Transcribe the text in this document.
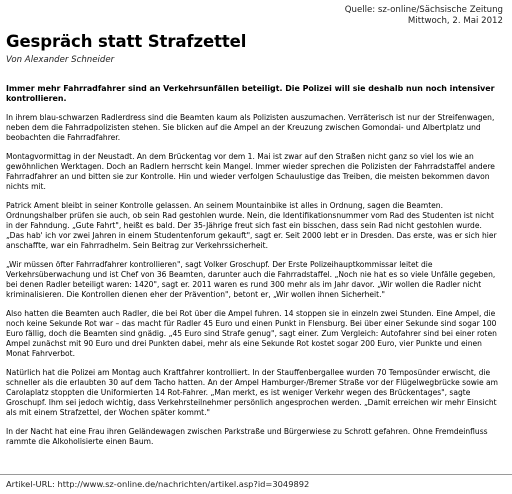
Quelle: sz-online/Sächsische Zeitung
Mittwoch, 2. Mai 2012
Gespräch statt Strafzettel
Von Alexander Schneider

Immer mehr Fahrradfahrer sind an Verkehrsunfällen beteiligt. Die Polizei will sie deshalb nun noch intensiver kontrollieren.

In ihrem blau-schwarzen Radlerdress sind die Beamten kaum als Polizisten auszumachen. Verräterisch ist nur der Streifenwagen, neben dem die Fahrradpolizisten stehen. Sie blicken auf die Ampel an der Kreuzung zwischen Gomondai- und Albertplatz und beobachten die Fahrradfahrer.

Montagvormittag in der Neustadt. An dem Brückentag vor dem 1. Mai ist zwar auf den Straßen nicht ganz so viel los wie an gewöhnlichen Werktagen. Doch an Radlern herrscht kein Mangel. Immer wieder sprechen die Polizisten der Fahrradstaffel andere Fahrradfahrer an und bitten sie zur Kontrolle. Hin und wieder verfolgen Schaulustige das Treiben, die meisten bekommen davon nichts mit.

Patrick Ament bleibt in seiner Kontrolle gelassen. An seinem Mountainbike ist alles in Ordnung, sagen die Beamten. Ordnungshalber prüfen sie auch, ob sein Rad gestohlen wurde. Nein, die Identifikationsnummer vom Rad des Studenten ist nicht in der Fahndung. „Gute Fahrt", heißt es bald. Der 35-Jährige freut sich fast ein bisschen, dass sein Rad nicht gestohlen wurde. „Das hab' ich vor zwei Jahren in einem Studentenforum gekauft", sagt er. Seit 2000 lebt er in Dresden. Das erste, was er sich hier anschaffte, war ein Fahrradhelm. Sein Beitrag zur Verkehrssicherheit.

„Wir müssen öfter Fahrradfahrer kontrollieren", sagt Volker Groschupf. Der Erste Polizeihauptkommissar leitet die Verkehrsüberwachung und ist Chef von 36 Beamten, darunter auch die Fahrradstaffel. „Noch nie hat es so viele Unfälle gegeben, bei denen Radler beteiligt waren: 1420", sagt er. 2011 waren es rund 300 mehr als im Jahr davor. „Wir wollen die Radler nicht kriminalisieren. Die Kontrollen dienen eher der Prävention", betont er, „Wir wollen ihnen Sicherheit."

Also hatten die Beamten auch Radler, die bei Rot über die Ampel fuhren. 14 stoppen sie in einzeln zwei Stunden. Eine Ampel, die noch keine Sekunde Rot war – das macht für Radler 45 Euro und einen Punkt in Flensburg. Bei über einer Sekunde sind sogar 100 Euro fällig, doch die Beamten sind gnädig. „45 Euro sind Strafe genug", sagt einer. Zum Vergleich: Autofahrer sind bei einer roten Ampel zunächst mit 90 Euro und drei Punkten dabei, mehr als eine Sekunde Rot kostet sogar 200 Euro, vier Punkte und einen Monat Fahrverbot.

Natürlich hat die Polizei am Montag auch Kraftfahrer kontrolliert. In der Stauffenbergallee wurden 70 Temposünder erwischt, die schneller als die erlaubten 30 auf dem Tacho hatten. An der Ampel Hamburger-/Bremer Straße vor der Flügelwegbrücke sowie am Carolaplatz stoppten die Uniformierten 14 Rot-Fahrer. „Man merkt, es ist weniger Verkehr wegen des Brückentages", sagte Groschupf. Ihm sei jedoch wichtig, dass Verkehrsteilnehmer persönlich angesprochen werden. „Damit erreichen wir mehr Einsicht als mit einem Strafzettel, der Wochen später kommt."

In der Nacht hat eine Frau ihren Geländewagen zwischen Parkstraße und Bürgerwiese zu Schrott gefahren. Ohne Fremdeinfluss rammte die Alkoholisierte einen Baum.

Artikel-URL: http://www.sz-online.de/nachrichten/artikel.asp?id=3049892
